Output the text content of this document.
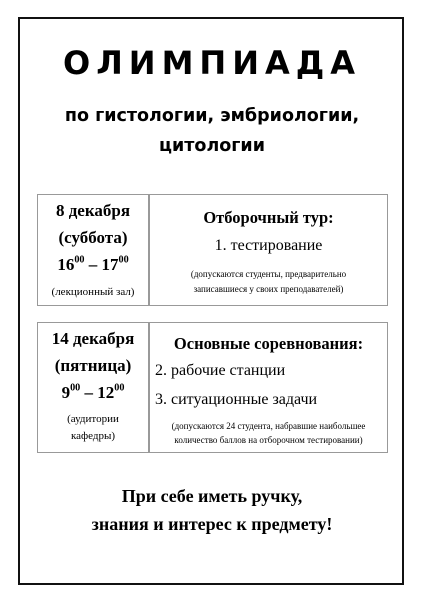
ОЛИМПИАДА
по гистологии, эмбриологии,
цитологии
8 декабря
(суббота)
$16^{00} - 17^{00}$
(лекционный зал)
Отборочный тур:
1. тестирование
(допускаются студенты, предварительно
записавшиеся у своих преподавателей)
14 декабря
(пятница)
$9^{00} - 12^{00}$
(аудитории
кафедры)
Основные соревнования:
2. рабочие станции
3. ситуационные задачи
(допускаются 24 студента, набравшие наибольшее
количество баллов на отборочном тестировании)
При себе иметь ручку,
знания и интерес к предмету!
